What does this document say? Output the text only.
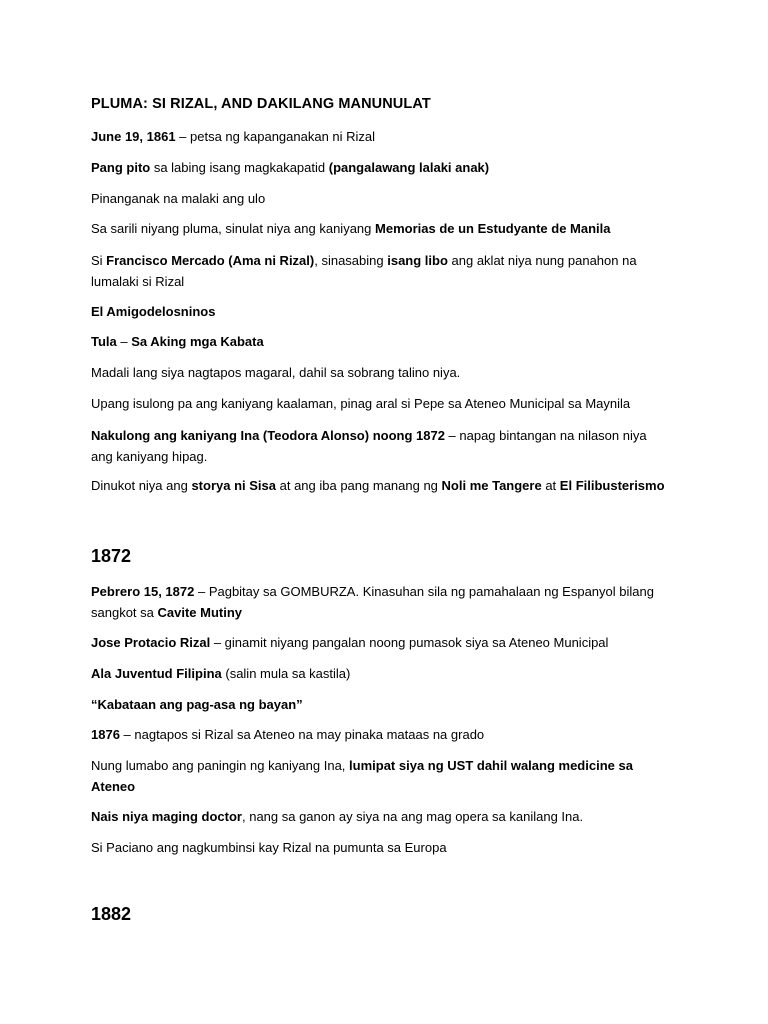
PLUMA: SI RIZAL, AND DAKILANG MANUNULAT
June 19, 1861 – petsa ng kapanganakan ni Rizal
Pang pito sa labing isang magkakapatid (pangalawang lalaki anak)
Pinanganak na malaki ang ulo
Sa sarili niyang pluma, sinulat niya ang kaniyang Memorias de un Estudyante de Manila
Si Francisco Mercado (Ama ni Rizal), sinasabing isang libo ang aklat niya nung panahon na
lumalaki si Rizal
El Amigodelosninos
Tula – Sa Aking mga Kabata
Madali lang siya nagtapos magaral, dahil sa sobrang talino niya.
Upang isulong pa ang kaniyang kaalaman, pinag aral si Pepe sa Ateneo Municipal sa Maynila
Nakulong ang kaniyang Ina (Teodora Alonso) noong 1872 – napag bintangan na nilason niya
ang kaniyang hipag.
Dinukot niya ang storya ni Sisa at ang iba pang manang ng Noli me Tangere at El Filibusterismo
1872
Pebrero 15, 1872 – Pagbitay sa GOMBURZA. Kinasuhan sila ng pamahalaan ng Espanyol bilang
sangkot sa Cavite Mutiny
Jose Protacio Rizal – ginamit niyang pangalan noong pumasok siya sa Ateneo Municipal
Ala Juventud Filipina (salin mula sa kastila)
“Kabataan ang pag-asa ng bayan”
1876 – nagtapos si Rizal sa Ateneo na may pinaka mataas na grado
Nung lumabo ang paningin ng kaniyang Ina, lumipat siya ng UST dahil walang medicine sa
Ateneo
Nais niya maging doctor, nang sa ganon ay siya na ang mag opera sa kanilang Ina.
Si Paciano ang nagkumbinsi kay Rizal na pumunta sa Europa
1882
